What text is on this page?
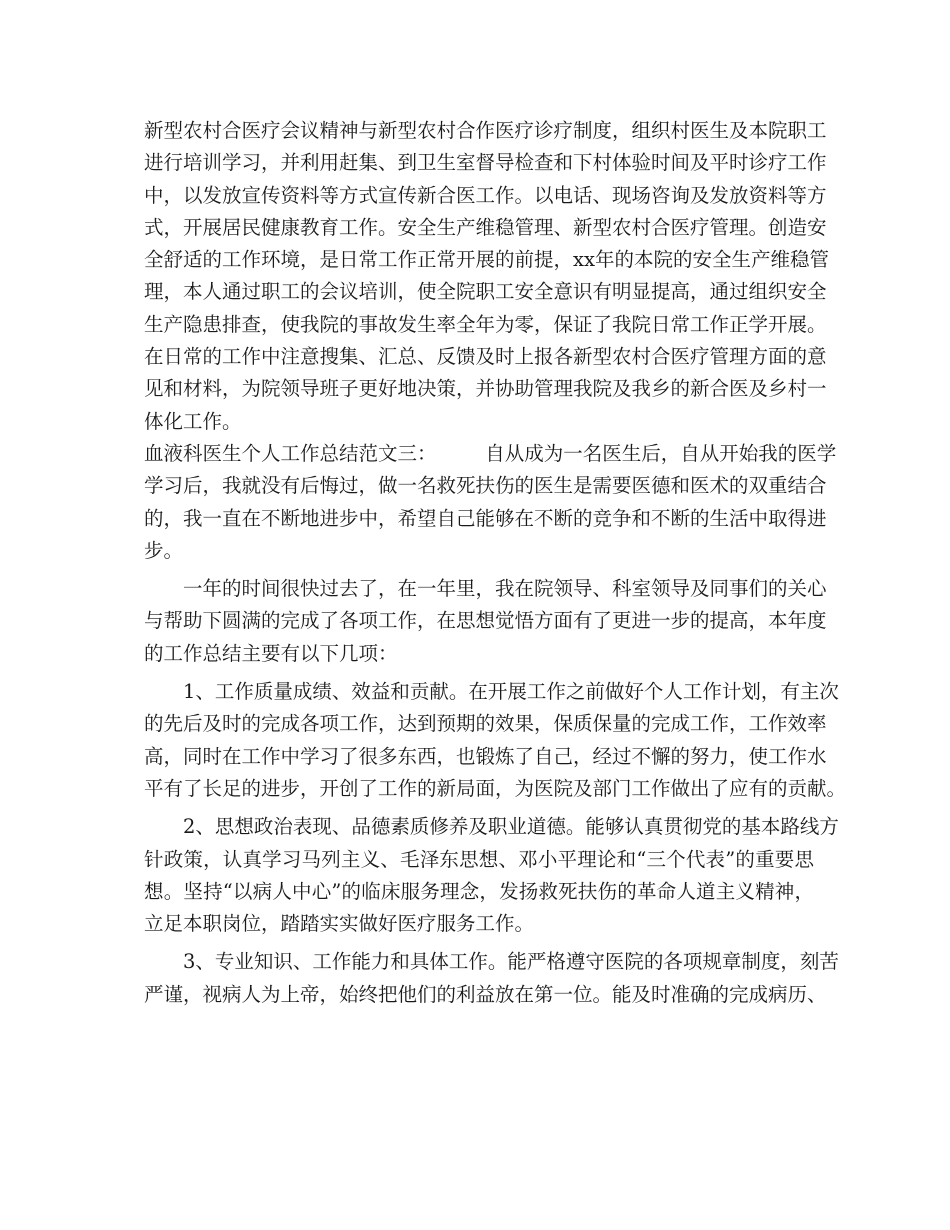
新型农村合医疗会议精神与新型农村合作医疗诊疗制度，组织村医生及本院职工
进行培训学习，并利用赶集、到卫生室督导检查和下村体验时间及平时诊疗工作
中，以发放宣传资料等方式宣传新合医工作。以电话、现场咨询及发放资料等方
式，开展居民健康教育工作。安全生产维稳管理、新型农村合医疗管理。创造安
全舒适的工作环境，是日常工作正常开展的前提，xx年的本院的安全生产维稳管
理，本人通过职工的会议培训，使全院职工安全意识有明显提高，通过组织安全
生产隐患排查，使我院的事故发生率全年为零，保证了我院日常工作正学开展。
在日常的工作中注意搜集、汇总、反馈及时上报各新型农村合医疗管理方面的意
见和材料，为院领导班子更好地决策，并协助管理我院及我乡的新合医及乡村一
体化工作。
血液科医生个人工作总结范文三：　　　自从成为一名医生后，自从开始我的医学
学习后，我就没有后悔过，做一名救死扶伤的医生是需要医德和医术的双重结合
的，我一直在不断地进步中，希望自己能够在不断的竞争和不断的生活中取得进
步。
一年的时间很快过去了，在一年里，我在院领导、科室领导及同事们的关心
与帮助下圆满的完成了各项工作，在思想觉悟方面有了更进一步的提高，本年度
的工作总结主要有以下几项：
1、工作质量成绩、效益和贡献。在开展工作之前做好个人工作计划，有主次
的先后及时的完成各项工作，达到预期的效果，保质保量的完成工作，工作效率
高，同时在工作中学习了很多东西，也锻炼了自己，经过不懈的努力，使工作水
平有了长足的进步，开创了工作的新局面，为医院及部门工作做出了应有的贡献。
2、思想政治表现、品德素质修养及职业道德。能够认真贯彻党的基本路线方
针政策，认真学习马列主义、毛泽东思想、邓小平理论和“三个代表”的重要思
想。坚持“以病人中心”的临床服务理念，发扬救死扶伤的革命人道主义精神，
立足本职岗位，踏踏实实做好医疗服务工作。
3、专业知识、工作能力和具体工作。能严格遵守医院的各项规章制度，刻苦
严谨，视病人为上帝，始终把他们的利益放在第一位。能及时准确的完成病历、
